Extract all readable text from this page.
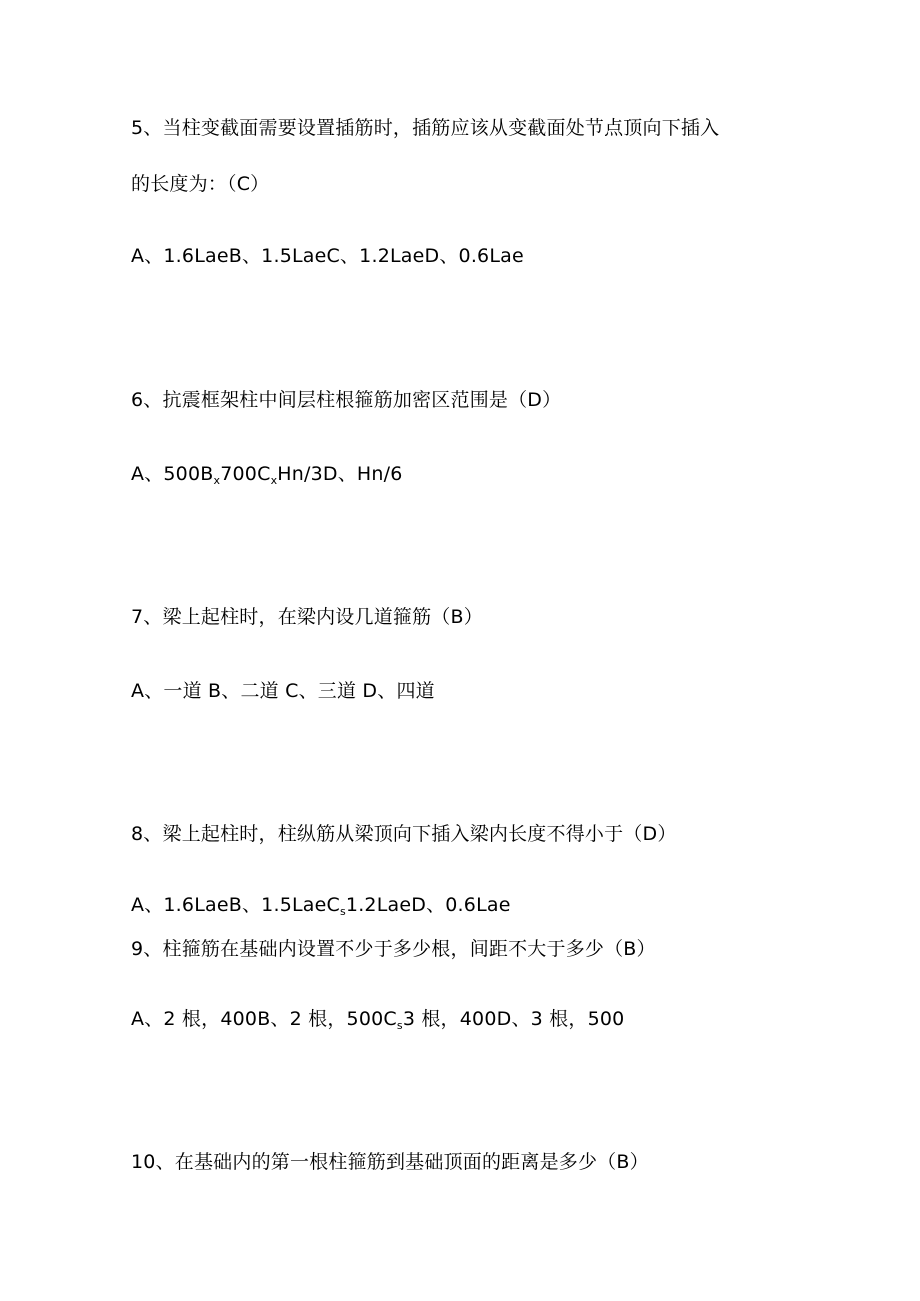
5、当柱变截面需要设置插筋时，插筋应该从变截面处节点顶向下插入
的长度为：（C）
A、1.6LaeB、1.5LaeC、1.2LaeD、0.6Lae
6、抗震框架柱中间层柱根箍筋加密区范围是（D）
A、$500B_x700C_xHn/3D$、Hn/6
7、梁上起柱时，在梁内设几道箍筋（B）
A、一道 B、二道 C、三道 D、四道
8、梁上起柱时，柱纵筋从梁顶向下插入梁内长度不得小于（D）
A、1.6LaeB、1.5LaeC$_s$1.2LaeD、0.6Lae
9、柱箍筋在基础内设置不少于多少根，间距不大于多少（B）
A、2 根，400B、2 根，$500C_s3$ 根，400D、3 根，500
10、在基础内的第一根柱箍筋到基础顶面的距离是多少（B）
